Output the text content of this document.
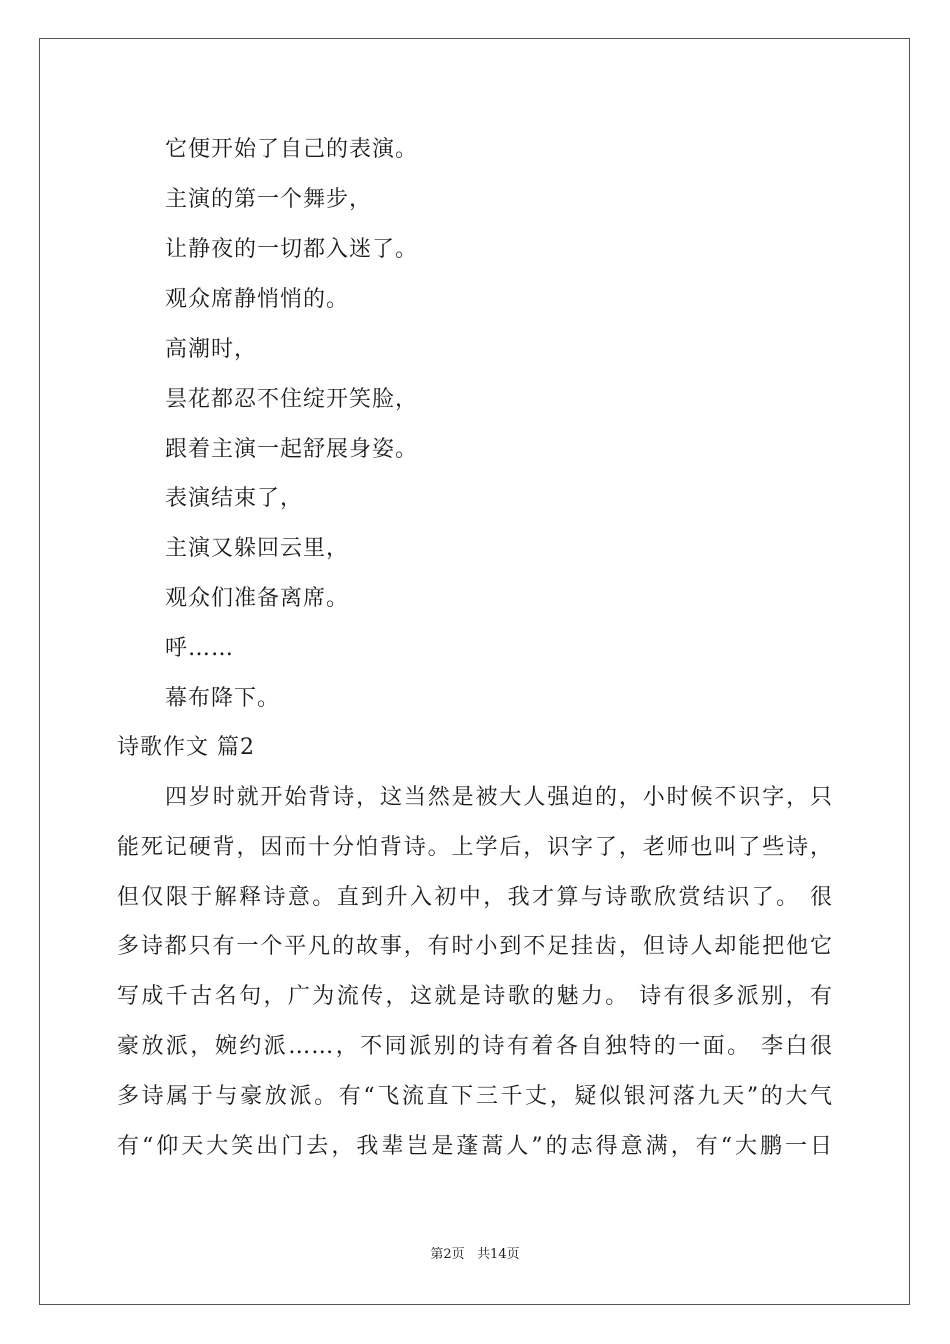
它便开始了自己的表演。
主演的第一个舞步，
让静夜的一切都入迷了。
观众席静悄悄的。
高潮时，
昙花都忍不住绽开笑脸，
跟着主演一起舒展身姿。
表演结束了，
主演又躲回云里，
观众们准备离席。
呼……
幕布降下。
诗歌作文 篇2
四岁时就开始背诗，这当然是被大人强迫的，小时候不识字，只
能死记硬背，因而十分怕背诗。上学后，识字了，老师也叫了些诗，
但仅限于解释诗意。直到升入初中，我才算与诗歌欣赏结识了。 很
多诗都只有一个平凡的故事，有时小到不足挂齿，但诗人却能把他它
写成千古名句，广为流传，这就是诗歌的魅力。 诗有很多派别，有
豪放派，婉约派……，不同派别的诗有着各自独特的一面。 李白很
多诗属于与豪放派。有“飞流直下三千丈，疑似银河落九天”的大气
有“仰天大笑出门去，我辈岂是蓬蒿人”的志得意满，有“大鹏一日
第2页   共14页
